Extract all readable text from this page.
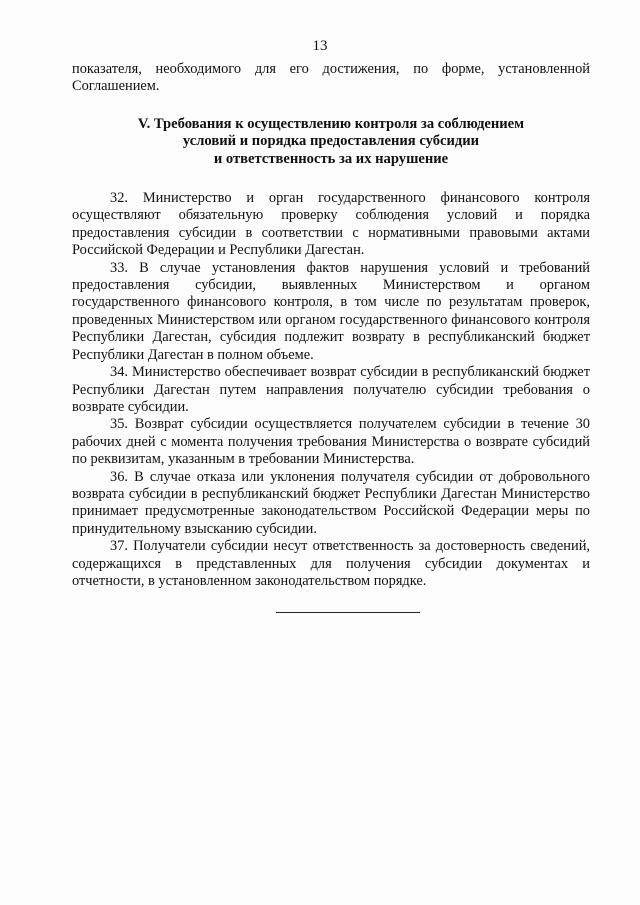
13

показателя, необходимого для его достижения, по форме, установленной Соглашением.

V. Требования к осуществлению контроля за соблюдением
условий и порядка предоставления субсидии
и ответственность за их нарушение

32. Министерство и орган государственного финансового контроля осуществляют обязательную проверку соблюдения условий и порядка предоставления субсидии в соответствии с нормативными правовыми актами Российской Федерации и Республики Дагестан.

33. В случае установления фактов нарушения условий и требований предоставления субсидии, выявленных Министерством и органом государственного финансового контроля, в том числе по результатам проверок, проведенных Министерством или органом государственного финансового контроля Республики Дагестан, субсидия подлежит возврату в республиканский бюджет Республики Дагестан в полном объеме.

34. Министерство обеспечивает возврат субсидии в республиканский бюджет Республики Дагестан путем направления получателю субсидии требования о возврате субсидии.

35. Возврат субсидии осуществляется получателем субсидии в течение 30 рабочих дней с момента получения требования Министерства о возврате субсидий по реквизитам, указанным в требовании Министерства.

36. В случае отказа или уклонения получателя субсидии от добровольного возврата субсидии в республиканский бюджет Республики Дагестан Министерство принимает предусмотренные законодательством Российской Федерации меры по принудительному взысканию субсидии.

37. Получатели субсидии несут ответственность за достоверность сведений, содержащихся в представленных для получения субсидии документах и отчетности, в установленном законодательством порядке.
